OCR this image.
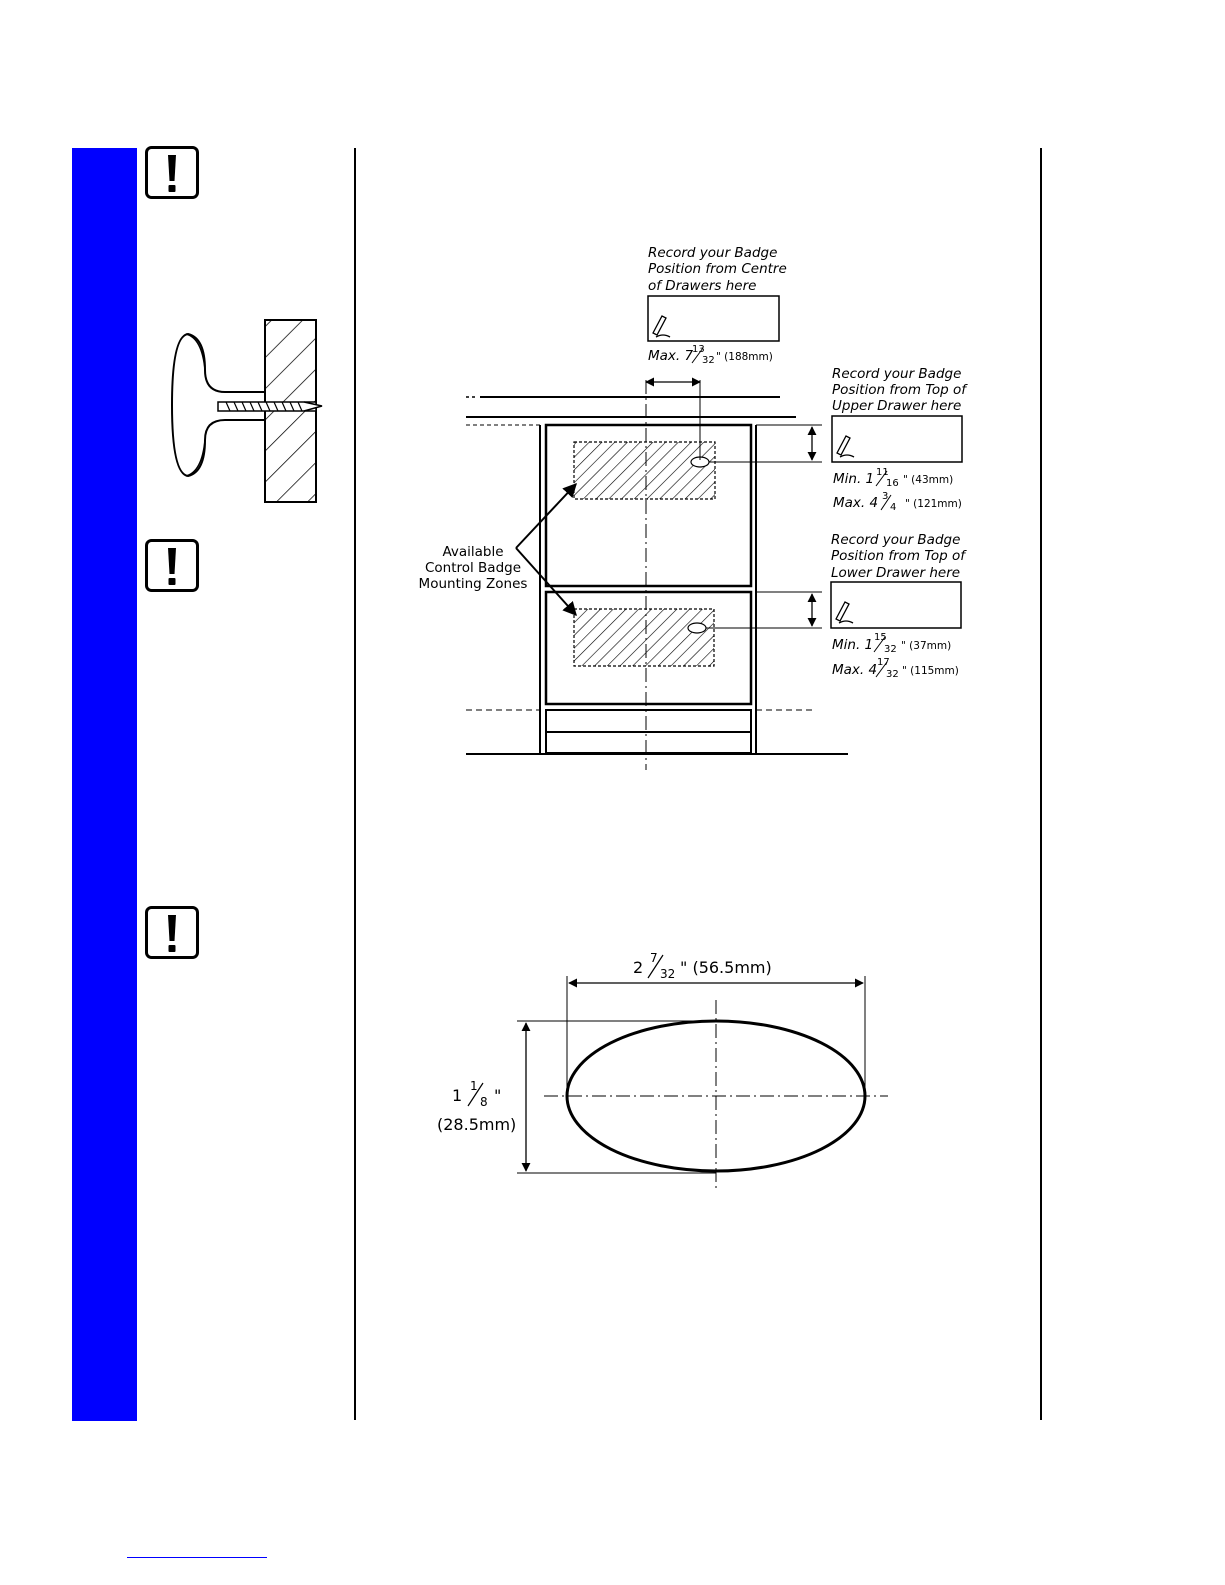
Record your Badge
Position from Centre
of Drawers here
Max. 7
13
32 " (188mm)
Record your Badge
Position from Top of
Upper Drawer here
Min. 1 11
16 " (43mm)
Max. 4 3
4 " (121mm)
Record your Badge
Position from Top of
Lower Drawer here
Min. 1 15
32 " (37mm)
Max. 4 17
32 " (115mm)
Available
Control Badge
Mounting Zones
2 7
32 " (56.5mm)
1 1
8 "
(28.5mm)
